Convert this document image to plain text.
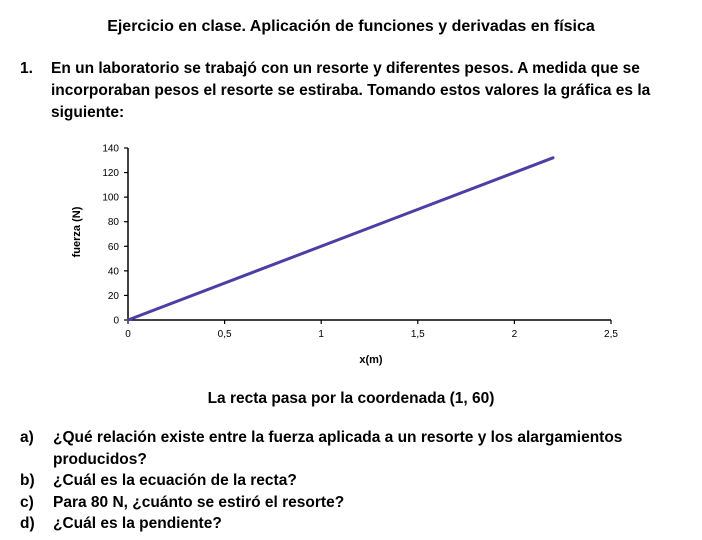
Ejercicio en clase. Aplicación de funciones y derivadas en física
1. En un laboratorio se trabajó con un resorte y diferentes pesos. A medida que se incorporaban pesos el resorte se estiraba. Tomando estos valores la gráfica es la siguiente:
0
20
40
60
80
100
120
140
0	0,5	1	1,5	2	2,5
fuerza (N)
x(m)
La recta pasa por la coordenada (1, 60)
a) ¿Qué relación existe entre la fuerza aplicada a un resorte y los alargamientos producidos?
b) ¿Cuál es la ecuación de la recta?
c) Para 80 N, ¿cuánto se estiró el resorte?
d) ¿Cuál es la pendiente?
